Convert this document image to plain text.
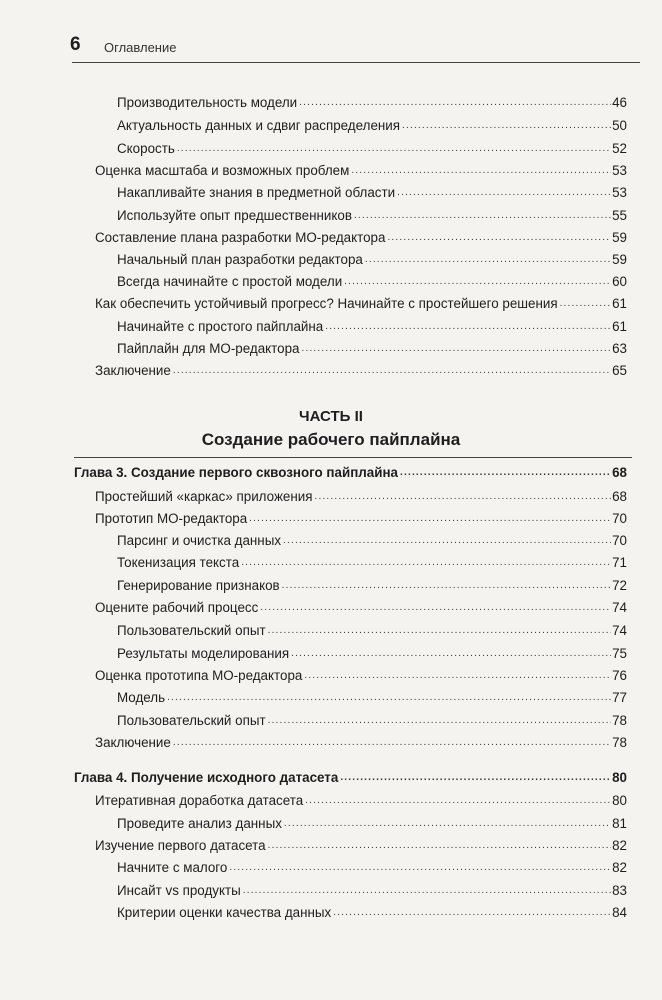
6 Оглавление
Производительность модели .....	46
Актуальность данных и сдвиг распределения .....	50
Скорость .....	52
Оценка масштаба и возможных проблем .....	53
Накапливайте знания в предметной области .....	53
Используйте опыт предшественников .....	55
Составление плана разработки МО-редактора .....	59
Начальный план разработки редактора .....	59
Всегда начинайте с простой модели .....	60
Как обеспечить устойчивый прогресс? Начинайте с простейшего решения .....	61
Начинайте с простого пайплайна .....	61
Пайплайн для МО-редактора .....	63
Заключение .....	65
ЧАСТЬ II
Создание рабочего пайплайна
Глава 3. Создание первого сквозного пайплайна .....	68
Простейший «каркас» приложения .....	68
Прототип МО-редактора .....	70
Парсинг и очистка данных .....	70
Токенизация текста .....	71
Генерирование признаков .....	72
Оцените рабочий процесс .....	74
Пользовательский опыт .....	74
Результаты моделирования .....	75
Оценка прототипа МО-редактора .....	76
Модель .....	77
Пользовательский опыт .....	78
Заключение .....	78
Глава 4. Получение исходного датасета .....	80
Итеративная доработка датасета .....	80
Проведите анализ данных .....	81
Изучение первого датасета .....	82
Начните с малого .....	82
Инсайт vs продукты .....	83
Критерии оценки качества данных .....	84
